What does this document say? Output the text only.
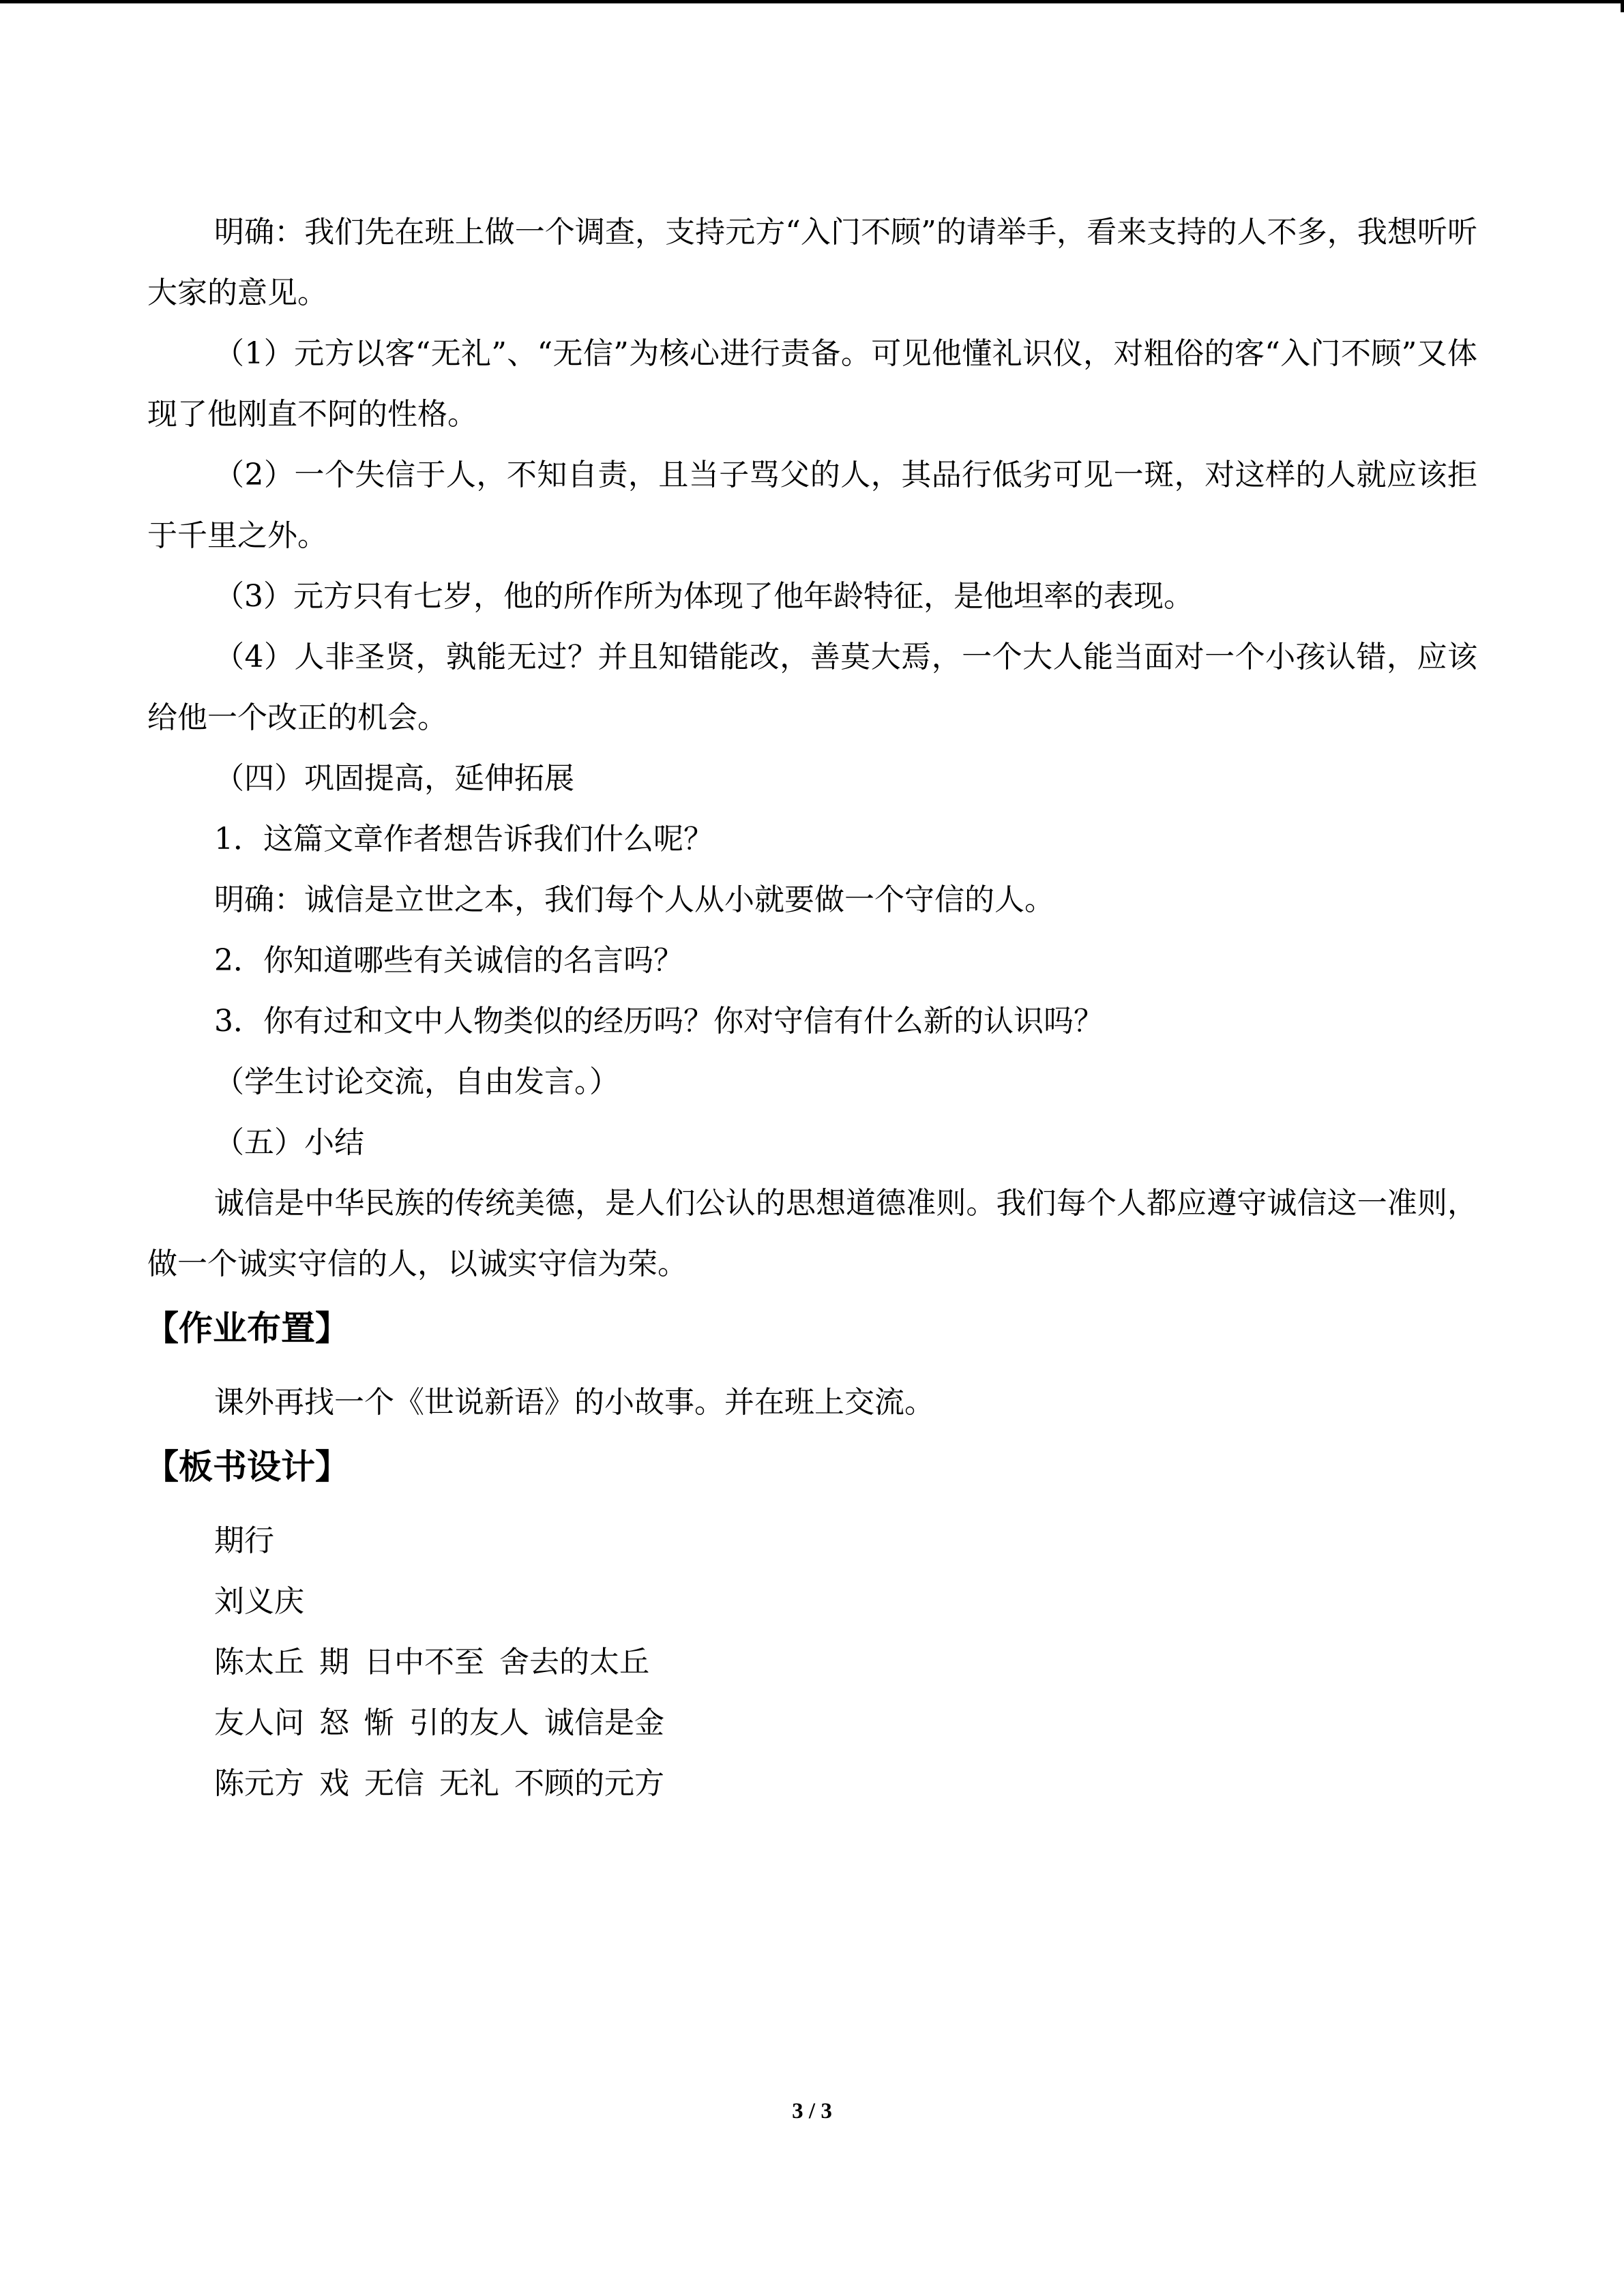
明确：我们先在班上做一个调查，支持元方“入门不顾”的请举手，看来支持的人不多，我想听听大家的意见。

（1）元方以客“无礼”、“无信”为核心进行责备。可见他懂礼识仪，对粗俗的客“入门不顾”又体现了他刚直不阿的性格。

（2）一个失信于人，不知自责，且当子骂父的人，其品行低劣可见一斑，对这样的人就应该拒于千里之外。

（3）元方只有七岁，他的所作所为体现了他年龄特征，是他坦率的表现。

（4）人非圣贤，孰能无过？并且知错能改，善莫大焉，一个大人能当面对一个小孩认错，应该给他一个改正的机会。

（四）巩固提高，延伸拓展

1．这篇文章作者想告诉我们什么呢？

明确：诚信是立世之本，我们每个人从小就要做一个守信的人。

2．你知道哪些有关诚信的名言吗？

3．你有过和文中人物类似的经历吗？你对守信有什么新的认识吗？

（学生讨论交流，自由发言。）

（五）小结

诚信是中华民族的传统美德，是人们公认的思想道德准则。我们每个人都应遵守诚信这一准则，做一个诚实守信的人，以诚实守信为荣。

【作业布置】

课外再找一个《世说新语》的小故事。并在班上交流。

【板书设计】

期行

刘义庆

陈太丘 期 日中不至 舍去的太丘

友人问 怒 惭 引的友人 诚信是金

陈元方 戏 无信 无礼 不顾的元方

3 / 3
